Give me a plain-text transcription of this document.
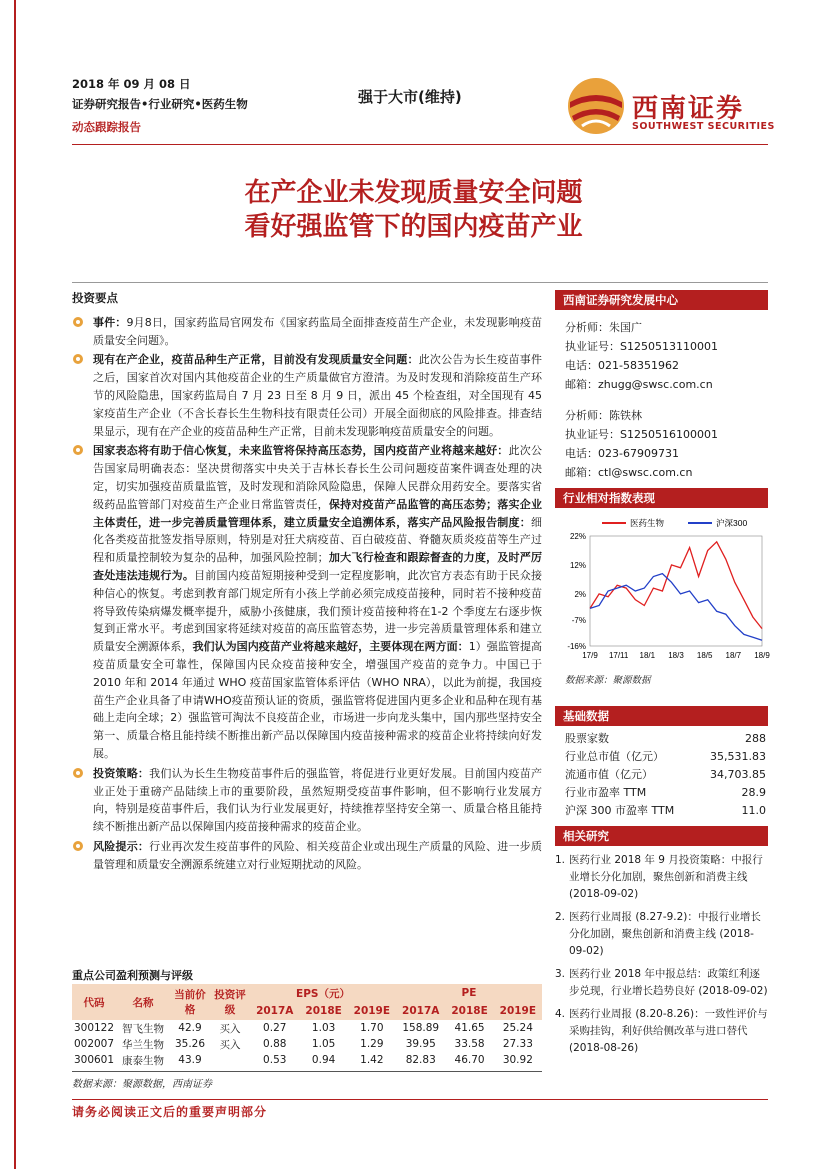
2018 年 09 月 08 日
证券研究报告•行业研究•医药生物
动态跟踪报告
强于大市(维持)	西南证券
SOUTHWEST SECURITIES
在产企业未发现质量安全问题
看好强监管下的国内疫苗产业
投资要点
事件：9月8日，国家药监局官网发布《国家药监局全面排查疫苗生产企业，未发现影响疫苗质量安全问题》。
现有在产企业，疫苗品种生产正常，目前没有发现质量安全问题：此次公告为长生疫苗事件之后，国家首次对国内其他疫苗企业的生产质量做官方澄清。为及时发现和消除疫苗生产环节的风险隐患，国家药监局自 7 月 23 日至 8 月 9 日，派出 45 个检查组，对全国现有 45 家疫苗生产企业（不含长春长生生物科技有限责任公司）开展全面彻底的风险排查。排查结果显示，现有在产企业的疫苗品种生产正常，目前未发现影响疫苗质量安全的问题。
国家表态将有助于信心恢复，未来监管将保持高压态势，国内疫苗产业将越来越好：此次公告国家局明确表态：坚决贯彻落实中央关于吉林长春长生公司问题疫苗案件调查处理的决定，切实加强疫苗质量监管，及时发现和消除风险隐患，保障人民群众用药安全。要落实省级药品监管部门对疫苗生产企业日常监管责任，保持对疫苗产品监管的高压态势；落实企业主体责任，进一步完善质量管理体系，建立质量安全追溯体系，落实产品风险报告制度：细化各类疫苗批签发指导原则，特别是对狂犬病疫苗、百白破疫苗、脊髓灰质炎疫苗等生产过程和质量控制较为复杂的品种，加强风险控制；加大飞行检查和跟踪督查的力度，及时严厉查处违法违规行为。目前国内疫苗短期接种受到一定程度影响，此次官方表态有助于民众接种信心的恢复。考虑到教育部门规定所有小孩上学前必须完成疫苗接种，同时若不接种疫苗将导致传染病爆发概率提升，威胁小孩健康，我们预计疫苗接种将在1-2 个季度左右逐步恢复到正常水平。考虑到国家将延续对疫苗的高压监管态势，进一步完善质量管理体系和建立质量安全溯源体系，我们认为国内疫苗产业将越来越好，主要体现在两方面：1）强监管提高疫苗质量安全可靠性，保障国内民众疫苗接种安全，增强国产疫苗的竞争力。中国已于 2010 年和 2014 年通过 WHO 疫苗国家监管体系评估（WHO NRA），以此为前提，我国疫苗生产企业具备了申请WHO疫苗预认证的资质，强监管将促进国内更多企业和品种在现有基础上走向全球；2）强监管可淘汰不良疫苗企业，市场进一步向龙头集中，国内那些坚持安全第一、质量合格且能持续不断推出新产品以保障国内疫苗接种需求的疫苗企业将持续向好发展。
投资策略：我们认为长生生物疫苗事件后的强监管，将促进行业更好发展。目前国内疫苗产业正处于重磅产品陆续上市的重要阶段，虽然短期受疫苗事件影响，但不影响行业发展方向，特别是疫苗事件后，我们认为行业发展更好，持续推荐坚持安全第一、质量合格且能持续不断推出新产品以保障国内疫苗接种需求的疫苗企业。
风险提示：行业再次发生疫苗事件的风险、相关疫苗企业或出现生产质量的风险、进一步质量管理和质量安全溯源系统建立对行业短期扰动的风险。
重点公司盈利预测与评级
代码	名称	当前价格	投资评级	EPS（元）			PE		
				2017A	2018E	2019E	2017A	2018E	2019E
300122	智飞生物	42.9	买入	0.27	1.03	1.70	158.89	41.65	25.24
002007	华兰生物	35.26	买入	0.88	1.05	1.29	39.95	33.58	27.33
300601	康泰生物	43.9		0.53	0.94	1.42	82.83	46.70	30.92
数据来源：聚源数据，西南证券
西南证券研究发展中心
分析师：朱国广
执业证号：S1250513110001
电话：021-58351962
邮箱：zhugg@swsc.com.cn
分析师：陈铁林
执业证号：S1250516100001
电话：023-67909731
邮箱：ctl@swsc.com.cn
行业相对指数表现
医药生物	沪深300
22%
12%
2%
-7%
-16%
17/9 17/11 18/1 18/3 18/5 18/7 18/9
数据来源：聚源数据
基础数据
股票家数	288
行业总市值（亿元）	35,531.83
流通市值（亿元）	34,703.85
行业市盈率 TTM	28.9
沪深 300 市盈率 TTM	11.0
相关研究
1. 医药行业 2018 年 9 月投资策略：中报行业增长分化加剧，聚焦创新和消费主线 (2018-09-02)
2. 医药行业周报 (8.27-9.2)：中报行业增长分化加剧，聚焦创新和消费主线 (2018-09-02)
3. 医药行业 2018 年中报总结：政策红利逐步兑现，行业增长趋势良好 (2018-09-02)
4. 医药行业周报 (8.20-8.26)：一致性评价与采购挂钩，利好供给侧改革与进口替代 (2018-08-26)
请务必阅读正文后的重要声明部分
